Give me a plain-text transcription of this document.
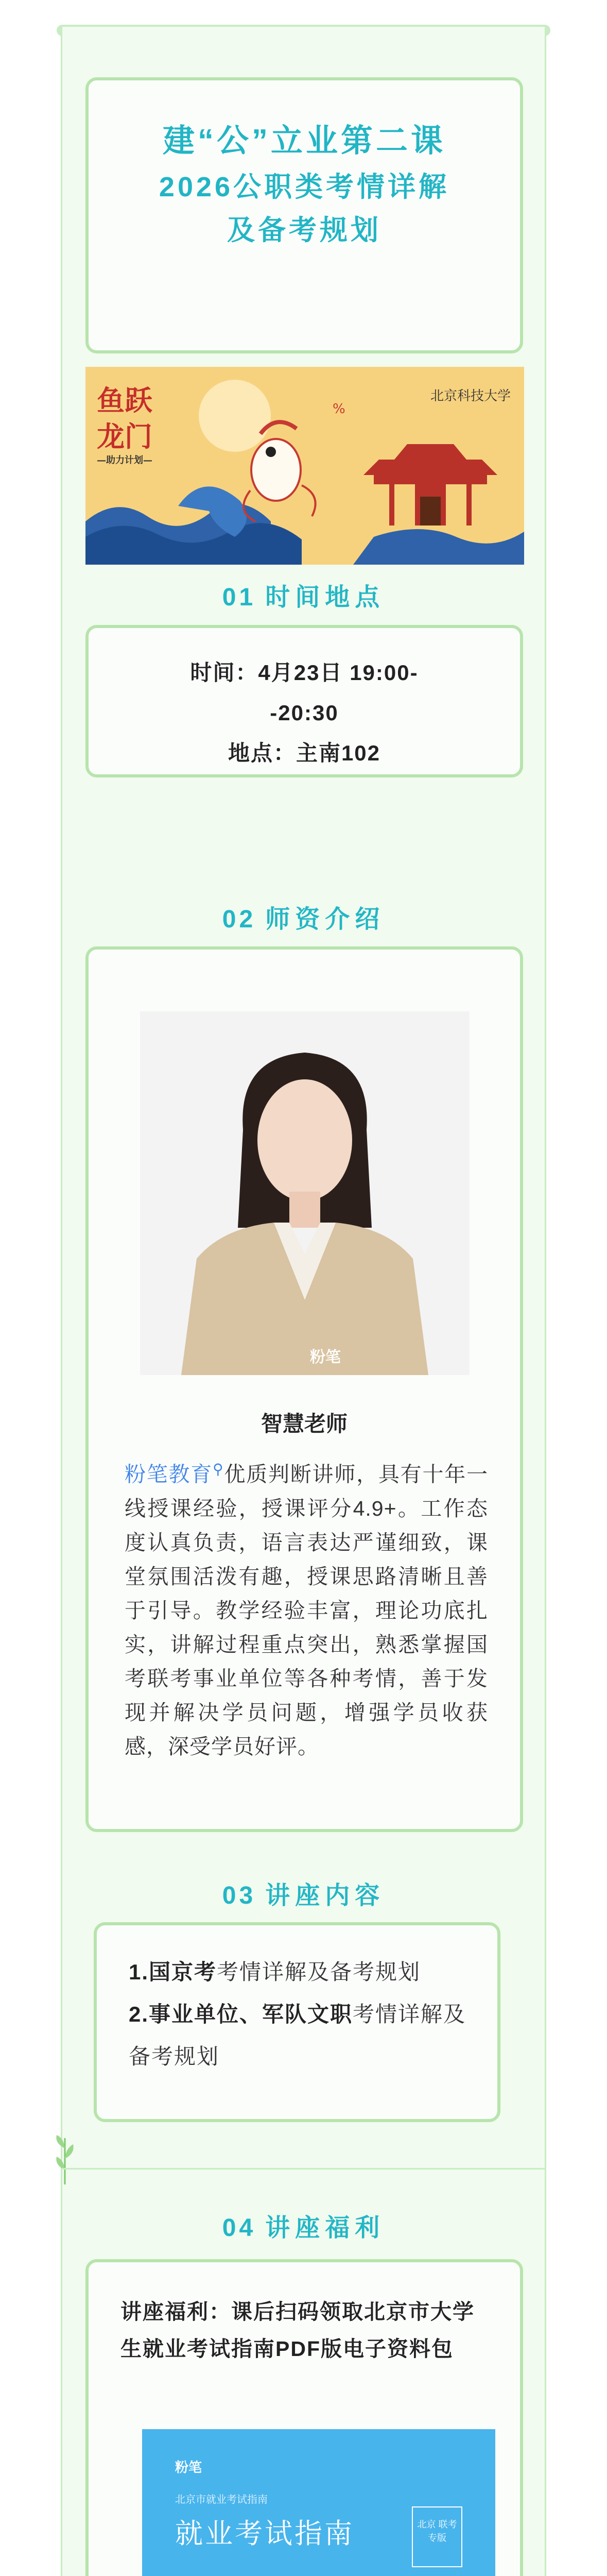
建“公”立业第二课
2026公职类考情详解
及备考规划
%
鱼跃
龙门
—助力计划—
北京科技大学
01 时间地点
时间：4月23日 19:00-
-20:30
地点：主南102
02 师资介绍
粉笔
智慧老师
粉笔教育⚲优质判断讲师，具有十年一线授课经验，授课评分4.9+。工作态度认真负责，语言表达严谨细致，课堂氛围活泼有趣，授课思路清晰且善于引导。教学经验丰富，理论功底扎实，讲解过程重点突出，熟悉掌握国考联考事业单位等各种考情，善于发现并解决学员问题，增强学员收获感，深受学员好评。
03 讲座内容
1.国京考考情详解及备考规划
2.事业单位、军队文职考情详解及备考规划
04 讲座福利
讲座福利：课后扫码领取北京市大学生就业考试指南PDF版电子资料包
粉笔
北京市就业考试指南
就业考试指南	北京 联考 专版
